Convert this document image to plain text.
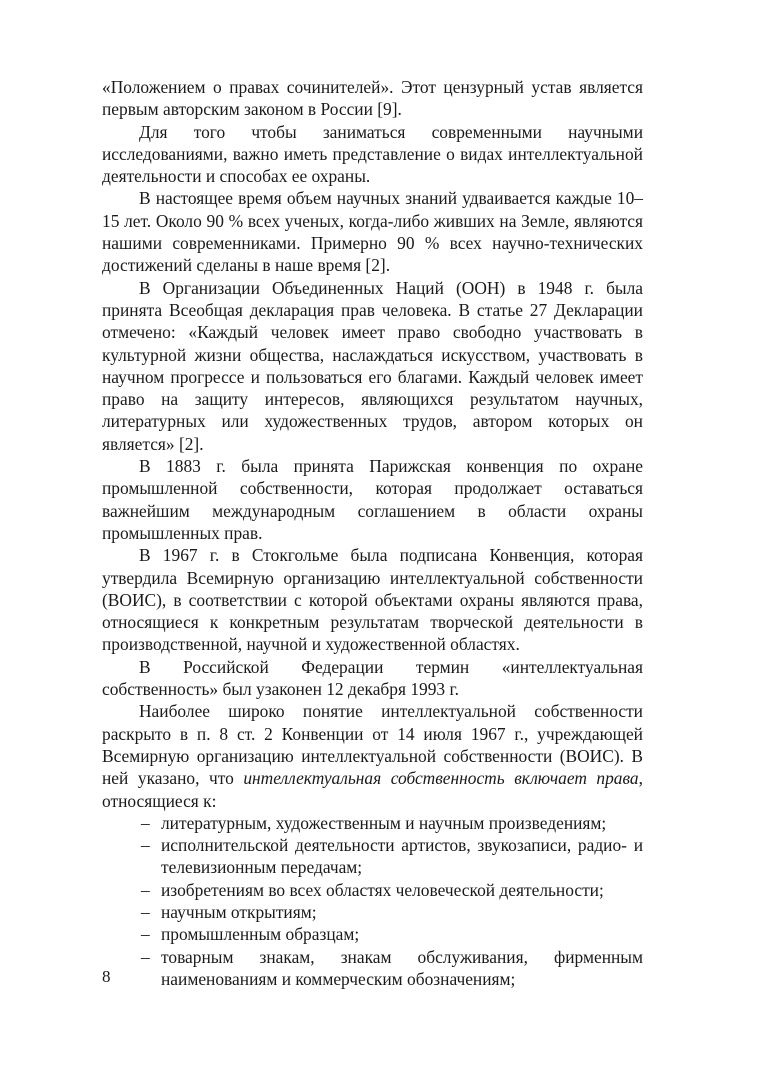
«Положением о правах сочинителей». Этот цензурный устав является первым авторским законом в России [9].

Для того чтобы заниматься современными научными исследованиями, важно иметь представление о видах интеллектуальной деятельности и способах ее охраны.

В настоящее время объем научных знаний удваивается каждые 10–15 лет. Около 90 % всех ученых, когда-либо живших на Земле, являются нашими современниками. Примерно 90 % всех научно-технических достижений сделаны в наше время [2].

В Организации Объединенных Наций (ООН) в 1948 г. была принята Всеобщая декларация прав человека. В статье 27 Декларации отмечено: «Каждый человек имеет право свободно участвовать в культурной жизни общества, наслаждаться искусством, участвовать в научном прогрессе и пользоваться его благами. Каждый человек имеет право на защиту интересов, являющихся результатом научных, литературных или художественных трудов, автором которых он является» [2].

В 1883 г. была принята Парижская конвенция по охране промышленной собственности, которая продолжает оставаться важнейшим международным соглашением в области охраны промышленных прав.

В 1967 г. в Стокгольме была подписана Конвенция, которая утвердила Всемирную организацию интеллектуальной собственности (ВОИС), в соответствии с которой объектами охраны являются права, относящиеся к конкретным результатам творческой деятельности в производственной, научной и художественной областях.

В Российской Федерации термин «интеллектуальная собственность» был узаконен 12 декабря 1993 г.

Наиболее широко понятие интеллектуальной собственности раскрыто в п. 8 ст. 2 Конвенции от 14 июля 1967 г., учреждающей Всемирную организацию интеллектуальной собственности (ВОИС). В ней указано, что интеллектуальная собственность включает права, относящиеся к:

– литературным, художественным и научным произведениям;
– исполнительской деятельности артистов, звукозаписи, радио- и телевизионным передачам;
– изобретениям во всех областях человеческой деятельности;
– научным открытиям;
– промышленным образцам;
– товарным знакам, знакам обслуживания, фирменным наименованиям и коммерческим обозначениям;
8
